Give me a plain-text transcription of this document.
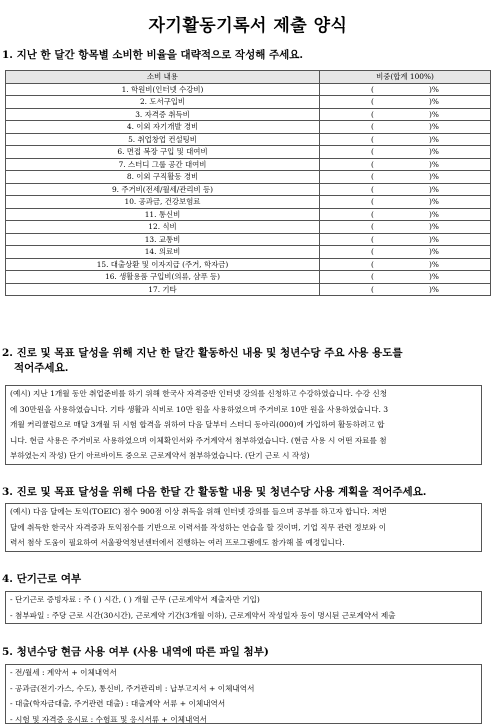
자기활동기록서 제출 양식
1. 지난 한 달간 항목별 소비한 비율을 대략적으로 작성해 주세요.
소비 내용	비중(합계 100%)
1. 학원비(인터넷 수강비)	( )%
2. 도서구입비	( )%
3. 자격증 취득비	( )%
4. 이외 자기개발 경비	( )%
5. 취업창업 컨설팅비	( )%
6. 면접 복장 구입 및 대여비	( )%
7. 스터디 그룹 공간 대여비	( )%
8. 이외 구직활동 경비	( )%
9. 주거비(전세/월세/관리비 등)	( )%
10. 공과금, 건강보험료	( )%
11. 통신비	( )%
12. 식비	( )%
13. 교통비	( )%
14. 의료비	( )%
15. 대출상환 및 이자지급 (주거, 학자금)	( )%
16. 생활용품 구입비(의류, 샴푸 등)	( )%
17. 기타	( )%
2. 진로 및 목표 달성을 위해 지난 한 달간 활동하신 내용 및 청년수당 주요 사용 용도를
적어주세요.
(예시) 지난 1개월 동안 취업준비를 하기 위해 한국사 자격증반 인터넷 강의를 신청하고 수강하였습니다. 수강 신청
에 30만원을 사용하였습니다. 기타 생활과 식비로 10만 원을 사용하였으며 주거비로 10만 원을 사용하였습니다. 3
개월 커리큘럼으로 매달 3개월 뒤 시험 합격을 위하여 다음 달부터 스터디 동아리(000)에 가입하여 활동하려고 합
니다. 현금 사용은 주거비로 사용하였으며 이체확인서와 주거계약서 첨부하였습니다. (현금 사용 시 어떤 자료를 첨
부하였는지 작성) 단기 아르바이트 중으로 근로계약서 첨부하였습니다. (단기 근로 시 작성)
3. 진로 및 목표 달성을 위해 다음 한달 간 활동할 내용 및 청년수당 사용 계획을 적어주세요.
(예시) 다음 달에는 토익(TOEIC) 점수 900점 이상 취득을 위해 인터넷 강의를 들으며 공부를 하고자 합니다. 저번
달에 취득한 한국사 자격증과 토익점수를 기반으로 이력서를 작성하는 연습을 할 것이며, 기업 직무 관련 정보와 이
력서 첨삭 도움이 필요하여 서울광역청년센터에서 진행하는 여러 프로그램에도 참가해 볼 예정입니다.
4. 단기근로 여부
- 단기근로 증빙자료 : 주 ( ) 시간, ( ) 개월 근무 (근로계약서 제출자만 기입)
- 첨부파일 : 주당 근로 시간(30시간), 근로계약 기간(3개월 이하), 근로계약서 작성일자 등이 명시된 근로계약서 제출
5. 청년수당 현금 사용 여부 (사용 내역에 따른 파일 첨부)
- 전/월세 : 계약서 + 이체내역서
- 공과금(전기·가스, 수도), 통신비, 주거관리비 : 납부고지서 + 이체내역서
- 대출(학자금대출, 주거관련 대출) : 대출계약 서류 + 이체내역서
- 시험 및 자격증 응시료 : 수험표 및 응시서류 + 이체내역서
